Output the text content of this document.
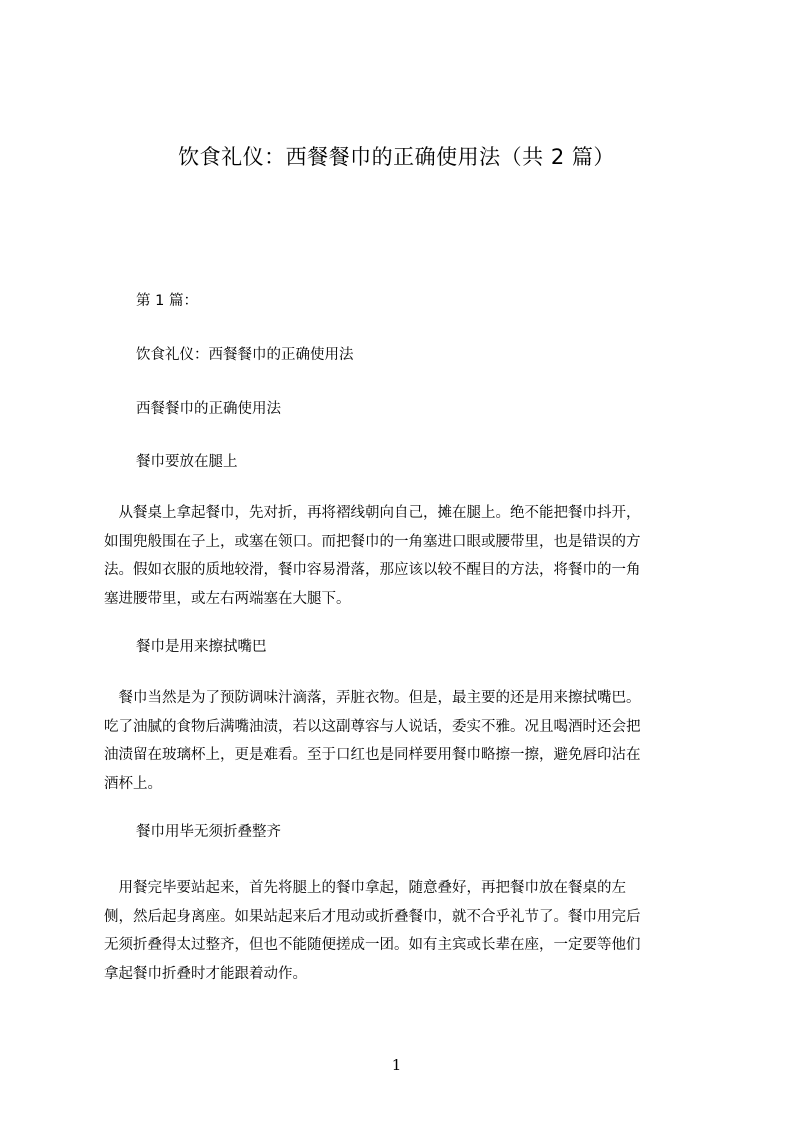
饮食礼仪：西餐餐巾的正确使用法（共 2 篇）

第 1 篇：

饮食礼仪：西餐餐巾的正确使用法

西餐餐巾的正确使用法

餐巾要放在腿上

　从餐桌上拿起餐巾，先对折，再将褶线朝向自己，摊在腿上。绝不能把餐巾抖开，
如围兜般围在子上，或塞在领口。而把餐巾的一角塞进口眼或腰带里，也是错误的方
法。假如衣服的质地较滑，餐巾容易滑落，那应该以较不醒目的方法，将餐巾的一角
塞进腰带里，或左右两端塞在大腿下。

餐巾是用来擦拭嘴巴

　餐巾当然是为了预防调味汁滴落，弄脏衣物。但是，最主要的还是用来擦拭嘴巴。
吃了油腻的食物后满嘴油渍，若以这副尊容与人说话，委实不雅。况且喝酒时还会把
油渍留在玻璃杯上，更是难看。至于口红也是同样要用餐巾略擦一擦，避免唇印沾在
酒杯上。

餐巾用毕无须折叠整齐

　用餐完毕要站起来，首先将腿上的餐巾拿起，随意叠好，再把餐巾放在餐桌的左
侧，然后起身离座。如果站起来后才甩动或折叠餐巾，就不合乎礼节了。餐巾用完后
无须折叠得太过整齐，但也不能随便搓成一团。如有主宾或长辈在座，一定要等他们
拿起餐巾折叠时才能跟着动作。
1
